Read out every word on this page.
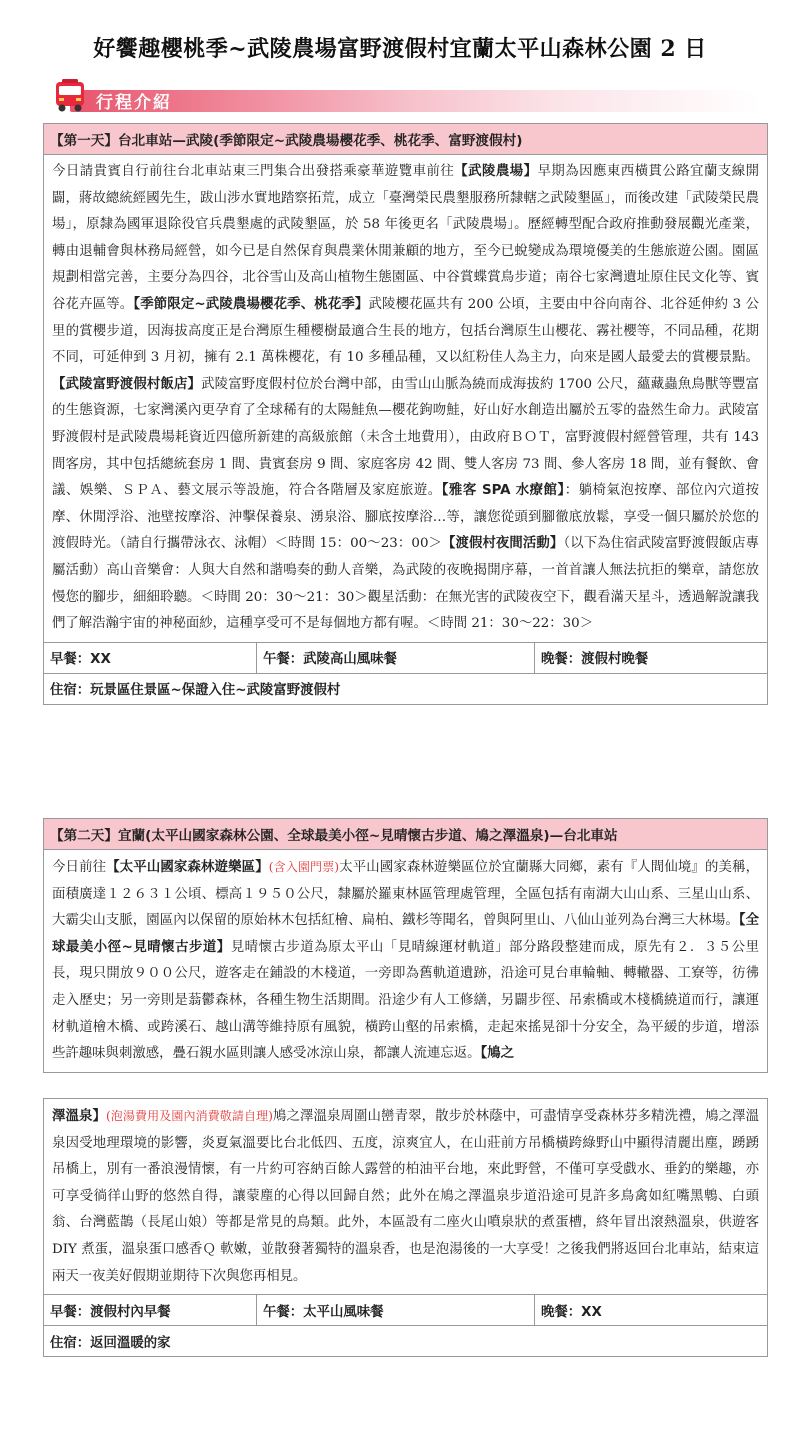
好饗趣櫻桃季~武陵農場富野渡假村宜蘭太平山森林公園 2 日
行程介紹
【第一天】台北車站—武陵(季節限定~武陵農場櫻花季、桃花季、富野渡假村)
今日請貴賓自行前往台北車站東三門集合出發搭乘豪華遊覽車前往【武陵農場】早期為因應東西橫貫公路宜蘭支線開闢，蔣故總統經國先生，跋山涉水實地踏察拓荒，成立「臺灣榮民農墾服務所隸轄之武陵墾區」，而後改建「武陵榮民農場」，原隸為國軍退除役官兵農墾處的武陵墾區，於 58 年後更名「武陵農場」。歷經轉型配合政府推動發展觀光產業，轉由退輔會與林務局經營，如今已是自然保育與農業休閒兼顧的地方，至今已蛻變成為環境優美的生態旅遊公園。園區規劃相當完善，主要分為四谷，北谷雪山及高山植物生態園區、中谷賞蝶賞鳥步道；南谷七家灣遺址原住民文化等、賓谷花卉區等。【季節限定~武陵農場櫻花季、桃花季】武陵櫻花區共有 200 公頃，主要由中谷向南谷、北谷延伸約 3 公里的賞櫻步道，因海拔高度正是台灣原生種櫻樹最適合生長的地方，包括台灣原生山櫻花、霧社櫻等，不同品種，花期不同，可延伸到 3 月初，擁有 2.1 萬株櫻花，有 10 多種品種，又以紅粉佳人為主力，向來是國人最愛去的賞櫻景點。【武陵富野渡假村飯店】武陵富野度假村位於台灣中部，由雪山山脈為繞而成海拔約 1700 公尺，蘊藏蟲魚鳥獸等豐富的生態資源，七家灣溪內更孕育了全球稀有的太陽鮭魚—櫻花鉤吻鮭，好山好水創造出屬於五零的盎然生命力。武陵富野渡假村是武陵農場耗資近四億所新建的高級旅館（未含土地費用），由政府ＢＯＴ，富野渡假村經營管理，共有 143 間客房，其中包括總統套房 1 間、貴賓套房 9 間、家庭客房 42 間、雙人客房 73 間、參人客房 18 間，並有餐飲、會議、娛樂、ＳＰＡ、藝文展示等設施，符合各階層及家庭旅遊。【雅客 SPA 水療館】：躺椅氣泡按摩、部位內穴道按摩、休閒浮浴、池壁按摩浴、沖擊保養泉、湧泉浴、腳底按摩浴…等，讓您從頭到腳徹底放鬆，享受一個只屬於於您的渡假時光。（請自行攜帶泳衣、泳帽）＜時間 15：00～23：00＞【渡假村夜間活動】（以下為住宿武陵富野渡假飯店專屬活動）高山音樂會：人與大自然和諧鳴奏的動人音樂，為武陵的夜晚揭開序幕，一首首讓人無法抗拒的樂章，請您放慢您的腳步，細細聆聽。＜時間 20：30～21：30＞觀星活動：在無光害的武陵夜空下，觀看滿天星斗，透過解說讓我們了解浩瀚宇宙的神秘面紗，這種享受可不是每個地方都有喔。＜時間 21：30～22：30＞
早餐：XX	午餐：武陵高山風味餐	晚餐：渡假村晚餐
住宿：玩景區住景區~保證入住~武陵富野渡假村
【第二天】宜蘭(太平山國家森林公園、全球最美小徑~見晴懷古步道、鳩之澤溫泉)—台北車站
今日前往【太平山國家森林遊樂區】(含入園門票)太平山國家森林遊樂區位於宜蘭縣大同鄉，素有『人間仙境』的美稱，面積廣達１２６３１公頃、標高１９５０公尺，隸屬於羅東林區管理處管理，全區包括有南湖大山山系、三星山山系、大霸尖山支脈，園區內以保留的原始林木包括紅檜、扁柏、鐵杉等聞名，曾與阿里山、八仙山並列為台灣三大林場。【全球最美小徑~見晴懷古步道】見晴懷古步道為原太平山「見晴線運材軌道」部分路段整建而成，原先有２．３５公里長，現只開放９００公尺，遊客走在鋪設的木棧道，一旁即為舊軌道遺跡，沿途可見台車輪軸、轉轍器、工寮等，彷彿走入歷史；另一旁則是蓊鬱森林，各種生物生活期間。沿途少有人工修繕，另闢步徑、吊索橋或木棧橋繞道而行，讓運材軌道檜木橋、或跨溪石、越山溝等維持原有風貌，橫跨山壑的吊索橋，走起來搖晃卻十分安全，為平緩的步道，增添些許趣味與刺激感，疊石親水區則讓人感受冰涼山泉，都讓人流連忘返。【鳩之
澤溫泉】(泡湯費用及園內消費敬請自理)鳩之澤溫泉周圍山巒青翠，散步於林蔭中，可盡情享受森林芬多精洗禮，鳩之澤溫泉因受地理環境的影響，炎夏氣溫要比台北低四、五度，涼爽宜人，在山莊前方吊橋橫跨綠野山中顯得清麗出塵，踴踴吊橋上，別有一番浪漫情懷，有一片約可容納百餘人露營的柏油平台地，來此野營，不僅可享受戲水、垂釣的樂趣，亦可享受徜徉山野的悠然自得，讓蒙塵的心得以回歸自然；此外在鳩之澤溫泉步道沿途可見許多鳥禽如紅嘴黑鵯、白頭翁、台灣藍鵲（長尾山娘）等都是常見的鳥類。此外，本區設有二座火山噴泉狀的煮蛋槽，終年冒出滾熱溫泉，供遊客 DIY 煮蛋，溫泉蛋口感香Ｑ 軟嫩，並散發著獨特的溫泉香，也是泡湯後的一大享受！之後我們將返回台北車站，結束這兩天一夜美好假期並期待下次與您再相見。
早餐：渡假村內早餐	午餐：太平山風味餐	晚餐：XX
住宿：返回溫暖的家
